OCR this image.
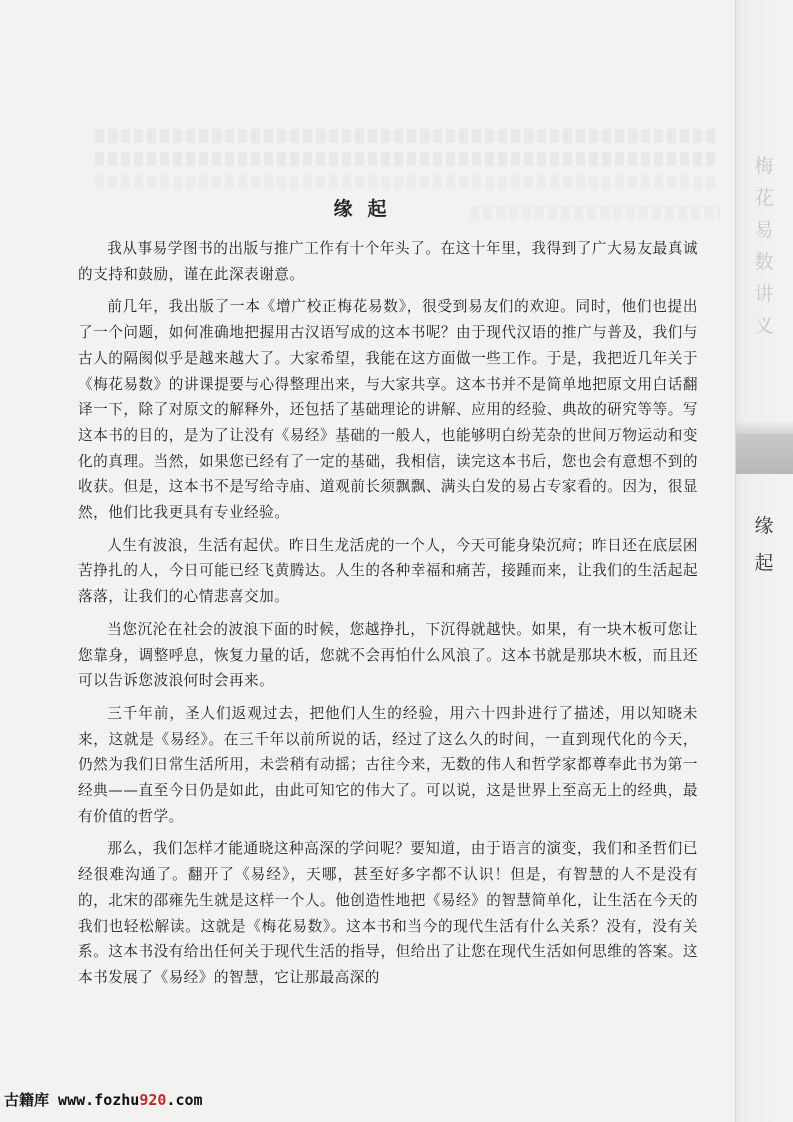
梅
花
易
数
讲
义
缘
起
缘起

我从事易学图书的出版与推广工作有十个年头了。在这十年里，我得到了广大易友最真诚的支持和鼓励，谨在此深表谢意。

前几年，我出版了一本《增广校正梅花易数》，很受到易友们的欢迎。同时，他们也提出了一个问题，如何准确地把握用古汉语写成的这本书呢？由于现代汉语的推广与普及，我们与古人的隔阂似乎是越来越大了。大家希望，我能在这方面做一些工作。于是，我把近几年关于《梅花易数》的讲课提要与心得整理出来，与大家共享。这本书并不是简单地把原文用白话翻译一下，除了对原文的解释外，还包括了基础理论的讲解、应用的经验、典故的研究等等。写这本书的目的，是为了让没有《易经》基础的一般人，也能够明白纷芜杂的世间万物运动和变化的真理。当然，如果您已经有了一定的基础，我相信，读完这本书后，您也会有意想不到的收获。但是，这本书不是写给寺庙、道观前长须飘飘、满头白发的易占专家看的。因为，很显然，他们比我更具有专业经验。

人生有波浪，生活有起伏。昨日生龙活虎的一个人，今天可能身染沉疴；昨日还在底层困苦挣扎的人，今日可能已经飞黄腾达。人生的各种幸福和痛苦，接踵而来，让我们的生活起起落落，让我们的心情悲喜交加。

当您沉沦在社会的波浪下面的时候，您越挣扎，下沉得就越快。如果，有一块木板可您让您靠身，调整呼息，恢复力量的话，您就不会再怕什么风浪了。这本书就是那块木板，而且还可以告诉您波浪何时会再来。

三千年前，圣人们返观过去，把他们人生的经验，用六十四卦进行了描述，用以知晓未来，这就是《易经》。在三千年以前所说的话，经过了这么久的时间，一直到现代化的今天，仍然为我们日常生活所用，未尝稍有动摇；古往今来，无数的伟人和哲学家都尊奉此书为第一经典——直至今日仍是如此，由此可知它的伟大了。可以说，这是世界上至高无上的经典，最有价值的哲学。

那么，我们怎样才能通晓这种高深的学问呢？要知道，由于语言的演变，我们和圣哲们已经很难沟通了。翻开了《易经》，天哪，甚至好多字都不认识！但是，有智慧的人不是没有的，北宋的邵雍先生就是这样一个人。他创造性地把《易经》的智慧简单化，让生活在今天的我们也轻松解读。这就是《梅花易数》。这本书和当今的现代生活有什么关系？没有，没有关系。这本书没有给出任何关于现代生活的指导，但给出了让您在现代生活如何思维的答案。这本书发展了《易经》的智慧，它让那最高深的

古籍库 www.fozhu920.com
